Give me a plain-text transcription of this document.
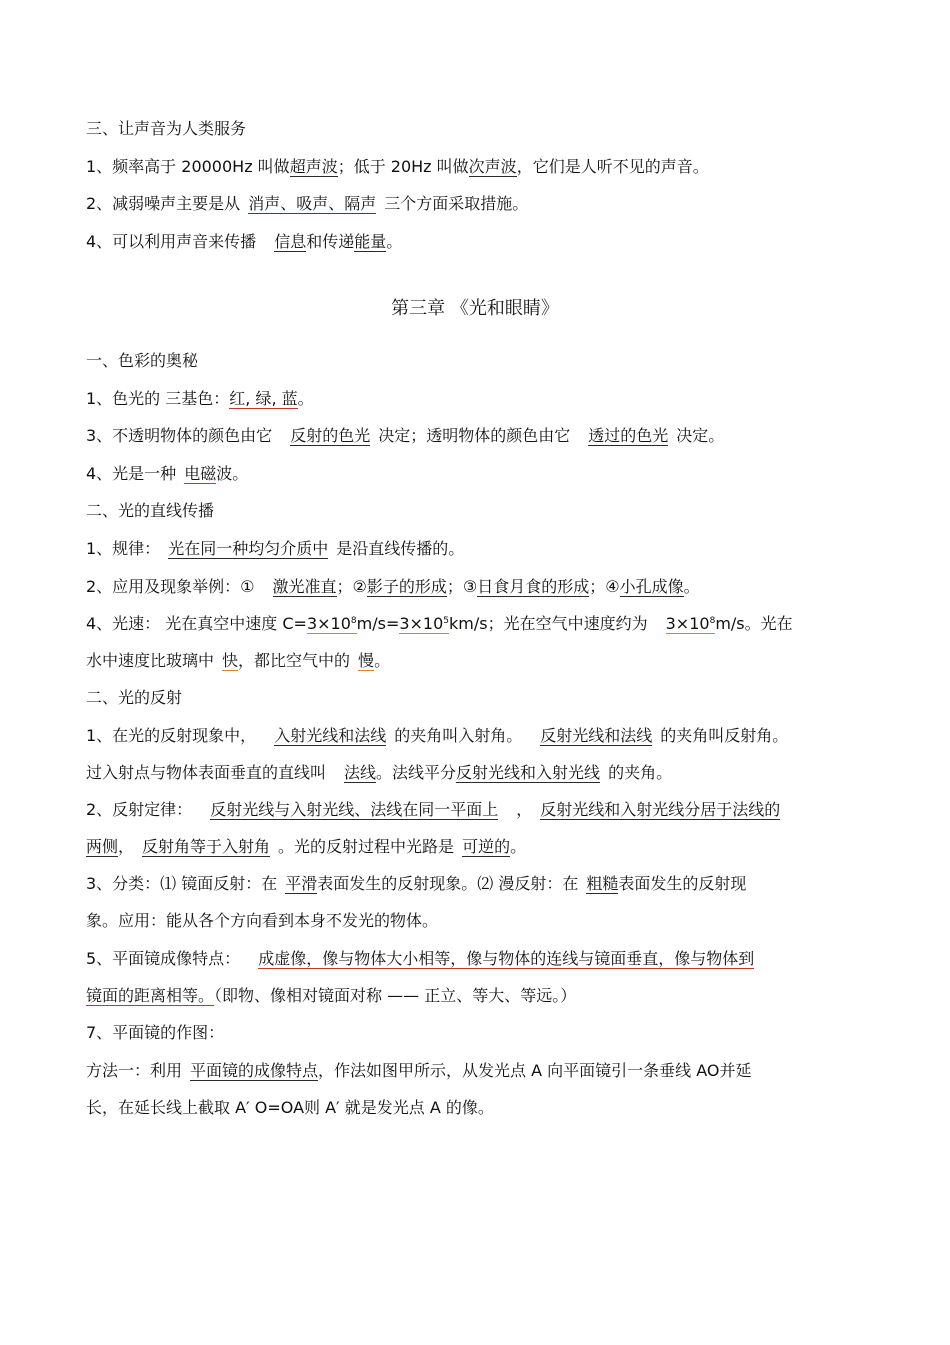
三、让声音为人类服务
1、频率高于 20000Hz 叫做超声波；低于 20Hz 叫做次声波，它们是人听不见的声音。
2、减弱噪声主要是从 消声、吸声、隔声 三个方面采取措施。
4、可以利用声音来传播 信息和传递能量。
第三章 《光和眼睛》
一、色彩的奥秘
1、色光的 三基色：红, 绿, 蓝。
3、不透明物体的颜色由它 反射的色光 决定；透明物体的颜色由它 透过的色光 决定。
4、光是一种 电磁波。
二、光的直线传播
1、规律： 光在同一种均匀介质中 是沿直线传播的。
2、应用及现象举例：① 激光准直；②影子的形成；③日食月食的形成；④小孔成像。
4、光速： 光在真空中速度 $C=3\times 10^8m/s=3\times 10^5km/s$；光在空气中速度约为 $3\times 10^8m/s$。光在
水中速度比玻璃中 快，都比空气中的 慢。
二、光的反射
1、在光的反射现象中， 入射光线和法线 的夹角叫入射角。 反射光线和法线 的夹角叫反射角。
过入射点与物体表面垂直的直线叫 法线。法线平分反射光线和入射光线 的夹角。
2、反射定律： 反射光线与入射光线、法线在同一平面上 ， 反射光线和入射光线分居于法线的
两侧， 反射角等于入射角 。光的反射过程中光路是 可逆的。
3、分类：⑴ 镜面反射：在 平滑表面发生的反射现象。⑵ 漫反射：在 粗糙表面发生的反射现
象。应用：能从各个方向看到本身不发光的物体。
5、平面镜成像特点： 成虚像，像与物体大小相等，像与物体的连线与镜面垂直，像与物体到
镜面的距离相等。（即物、像相对镜面对称 —— 正立、等大、等远。）
7、平面镜的作图：
方法一：利用 平面镜的成像特点，作法如图甲所示，从发光点 A 向平面镜引一条垂线 AO并延
长，在延长线上截取 A′ O=OA则 A′ 就是发光点 A 的像。
